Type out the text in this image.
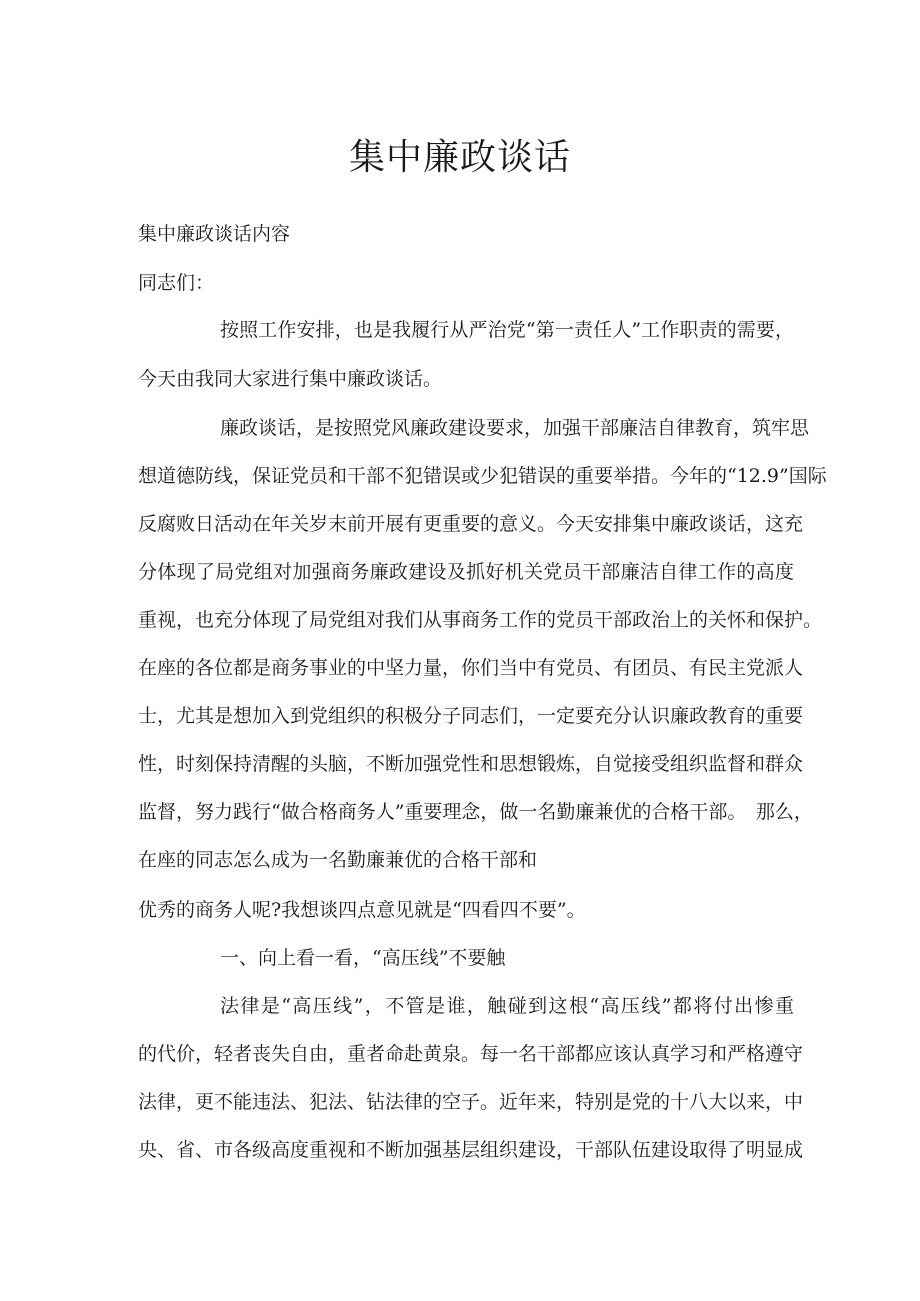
集中廉政谈话

集中廉政谈话内容

同志们：

按照工作安排，也是我履行从严治党“第一责任人”工作职责的需要，

今天由我同大家进行集中廉政谈话。

廉政谈话，是按照党风廉政建设要求，加强干部廉洁自律教育，筑牢思

想道德防线，保证党员和干部不犯错误或少犯错误的重要举措。今年的“12.9”国际

反腐败日活动在年关岁末前开展有更重要的意义。今天安排集中廉政谈话，这充

分体现了局党组对加强商务廉政建设及抓好机关党员干部廉洁自律工作的高度

重视，也充分体现了局党组对我们从事商务工作的党员干部政治上的关怀和保护。

在座的各位都是商务事业的中坚力量，你们当中有党员、有团员、有民主党派人

士，尤其是想加入到党组织的积极分子同志们，一定要充分认识廉政教育的重要

性，时刻保持清醒的头脑，不断加强党性和思想锻炼，自觉接受组织监督和群众

监督，努力践行“做合格商务人”重要理念，做一名勤廉兼优的合格干部。　那么，

在座的同志怎么成为一名勤廉兼优的合格干部和

优秀的商务人呢?我想谈四点意见就是“四看四不要”。

一、向上看一看，“高压线”不要触

法律是“高压线”，不管是谁，触碰到这根“高压线”都将付出惨重

的代价，轻者丧失自由，重者命赴黄泉。每一名干部都应该认真学习和严格遵守

法律，更不能违法、犯法、钻法律的空子。近年来，特别是党的十八大以来，中

央、省、市各级高度重视和不断加强基层组织建设，干部队伍建设取得了明显成
